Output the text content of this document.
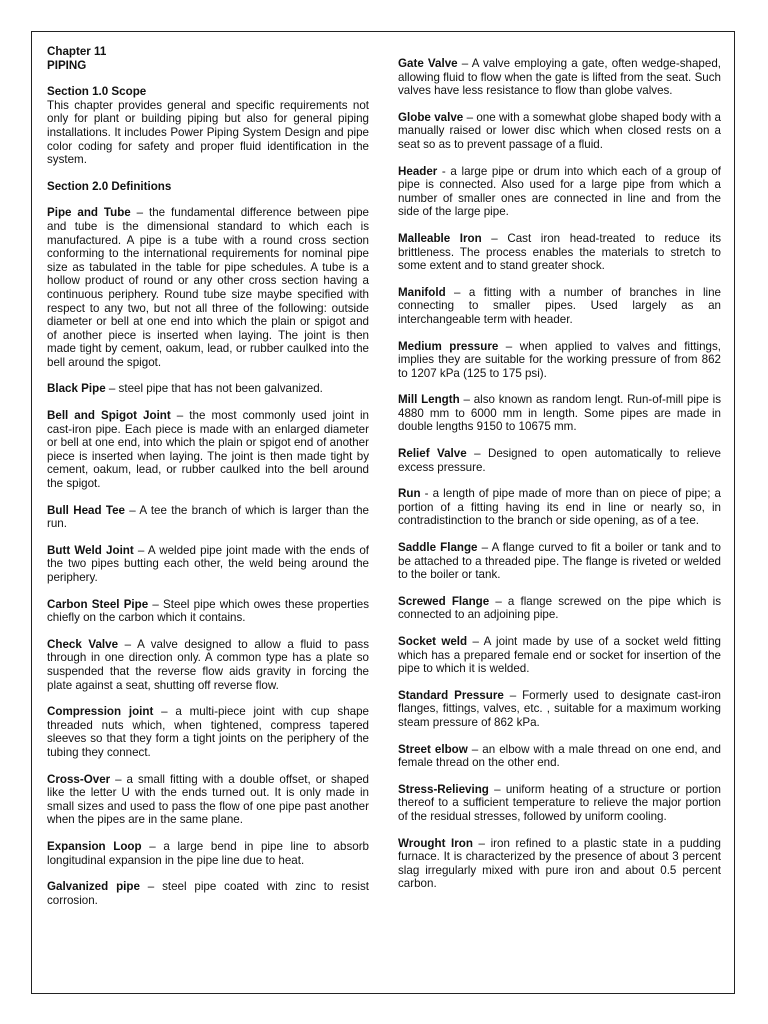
Chapter 11
PIPING
Section 1.0 Scope

This chapter provides general and specific requirements not only for plant or building piping but also for general piping installations. It includes Power Piping System Design and pipe color coding for safety and proper fluid identification in the system.

Section 2.0 Definitions

Pipe and Tube – the fundamental difference between pipe and tube is the dimensional standard to which each is manufactured. A pipe is a tube with a round cross section conforming to the international requirements for nominal pipe size as tabulated in the table for pipe schedules. A tube is a hollow product of round or any other cross section having a continuous periphery. Round tube size maybe specified with respect to any two, but not all three of the following: outside diameter or bell at one end into which the plain or spigot and of another piece is inserted when laying. The joint is then made tight by cement, oakum, lead, or rubber caulked into the bell around the spigot.

Black Pipe – steel pipe that has not been galvanized.

Bell and Spigot Joint – the most commonly used joint in cast-iron pipe. Each piece is made with an enlarged diameter or bell at one end, into which the plain or spigot end of another piece is inserted when laying. The joint is then made tight by cement, oakum, lead, or rubber caulked into the bell around the spigot.

Bull Head Tee – A tee the branch of which is larger than the run.

Butt Weld Joint – A welded pipe joint made with the ends of the two pipes butting each other, the weld being around the periphery.

Carbon Steel Pipe – Steel pipe which owes these properties chiefly on the carbon which it contains.

Check Valve – A valve designed to allow a fluid to pass through in one direction only. A common type has a plate so suspended that the reverse flow aids gravity in forcing the plate against a seat, shutting off reverse flow.

Compression joint – a multi-piece joint with cup shape threaded nuts which, when tightened, compress tapered sleeves so that they form a tight joints on the periphery of the tubing they connect.

Cross-Over – a small fitting with a double offset, or shaped like the letter U with the ends turned out. It is only made in small sizes and used to pass the flow of one pipe past another when the pipes are in the same plane.

Expansion Loop – a large bend in pipe line to absorb longitudinal expansion in the pipe line due to heat.

Galvanized pipe – steel pipe coated with zinc to resist corrosion.

Gate Valve – A valve employing a gate, often wedge-shaped, allowing fluid to flow when the gate is lifted from the seat. Such valves have less resistance to flow than globe valves.

Globe valve – one with a somewhat globe shaped body with a manually raised or lower disc which when closed rests on a seat so as to prevent passage of a fluid.

Header - a large pipe or drum into which each of a group of pipe is connected. Also used for a large pipe from which a number of smaller ones are connected in line and from the side of the large pipe.

Malleable Iron – Cast iron head-treated to reduce its brittleness. The process enables the materials to stretch to some extent and to stand greater shock.

Manifold – a fitting with a number of branches in line connecting to smaller pipes. Used largely as an interchangeable term with header.

Medium pressure – when applied to valves and fittings, implies they are suitable for the working pressure of from 862 to 1207 kPa (125 to 175 psi).

Mill Length – also known as random lengt. Run-of-mill pipe is 4880 mm to 6000 mm in length. Some pipes are made in double lengths 9150 to 10675 mm.

Relief Valve – Designed to open automatically to relieve excess pressure.

Run - a length of pipe made of more than on piece of pipe; a portion of a fitting having its end in line or nearly so, in contradistinction to the branch or side opening, as of a tee.

Saddle Flange – A flange curved to fit a boiler or tank and to be attached to a threaded pipe. The flange is riveted or welded to the boiler or tank.

Screwed Flange – a flange screwed on the pipe which is connected to an adjoining pipe.

Socket weld – A joint made by use of a socket weld fitting which has a prepared female end or socket for insertion of the pipe to which it is welded.

Standard Pressure – Formerly used to designate cast-iron flanges, fittings, valves, etc. , suitable for a maximum working steam pressure of 862 kPa.

Street elbow – an elbow with a male thread on one end, and female thread on the other end.

Stress-Relieving – uniform heating of a structure or portion thereof to a sufficient temperature to relieve the major portion of the residual stresses, followed by uniform cooling.

Wrought Iron – iron refined to a plastic state in a pudding furnace. It is characterized by the presence of about 3 percent slag irregularly mixed with pure iron and about 0.5 percent carbon.
